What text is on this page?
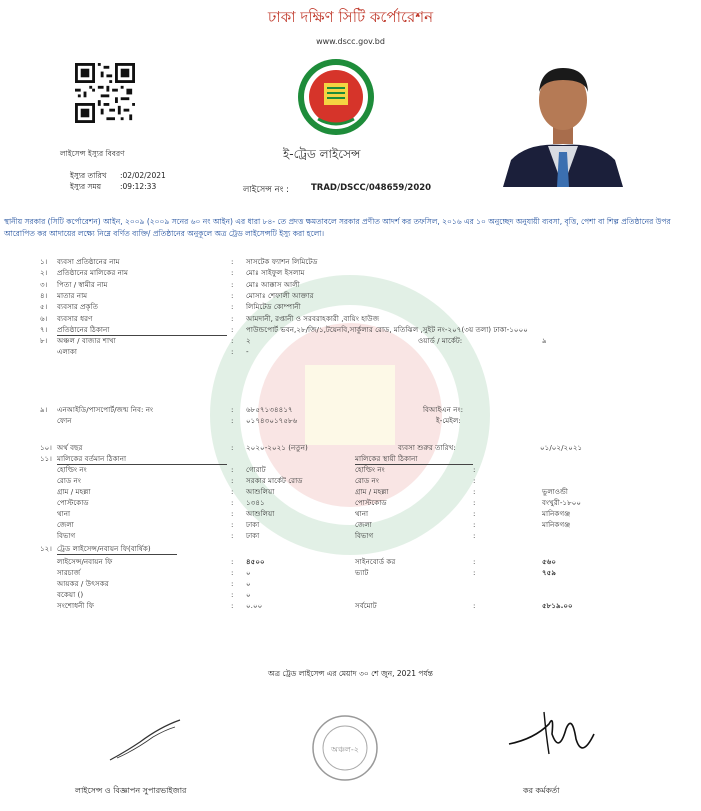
ঢাকা দক্ষিণ সিটি কর্পোরেশন
www.dscc.gov.bd
ই-ট্রেড লাইসেন্স
লাইসেন্স ইস্যুর বিবরণ
ইস্যুর তারিখ :02/02/2021
ইস্যুর সময়	:09:12:33	লাইসেন্স নং :	TRAD/DSCC/048659/2020
স্থানীয় সরকার (সিটি কর্পোরেশন) আইন, ২০০৯ (২০০৯ সনের ৬০ নং আইন) এর ধারা ৮৪- তে প্রদত্ত ক্ষমতাবলে সরকার প্রণীত আদর্শ কর তফসিল, ২০১৬ এর ১০ অনুচ্ছেদ অনুযায়ী ব্যবসা, বৃত্তি, পেশা বা শিল্প প্রতিষ্ঠানের উপর আরোপিত কর আদায়ের লক্ষ্যে নিম্নে বর্ণিত ব্যক্তি/ প্রতিষ্ঠানের অনুকূলে অত্র ট্রেড লাইসেন্সটি ইস্যু করা হলো।
১। ব্যবসা প্রতিষ্ঠানের নাম	: সাসটেক ফ্যাশন লিমিটেড
২। প্রতিষ্ঠানের মালিকের নাম	: মোঃ সাইফুল ইসলাম
৩। পিতা / স্বামীর নাম	: মোঃ আক্কাস আলী
৪। মাতার নাম	: মোসাঃ শেফালী আক্তার
৫। ব্যবসার প্রকৃতি	: লিমিটেড কোম্পানী
৬। ব্যবসার ধরণ	: আমদানী, রপ্তানী ও সরবরাহকারী ,বায়িং হাউজ
৭। প্রতিষ্ঠানের ঠিকানা	: পাউন্ডপোর্ট ভবন,২৮/জি/১,টয়েনবি,সার্কুলার রোড, মতিঝিল ,সুইট নং-২০৭(৩য় তলা) ঢাকা-১০০০
৮। অঞ্চল / বাজার শাখা	: ২	ওয়ার্ড / মার্কেট:	৯
এলাকা	: -
৯। এনআইডি/পাসপোর্ট/জন্ম নিব: নং	: ৬৮৫৭১৩৪৪১৭	বিআইএন নং:
ফোন	: ০১৭৪৩০১৭৫৮৬	ই-মেইল:
১০। অর্থ বছর	: ২০২০-২০২১ (নতুন)	ব্যবসা শুরুর তারিখ:	০১/০২/২০২১
১১। মালিকের বর্তমান ঠিকানা	মালিকের স্থায়ী ঠিকানা
হোল্ডিং নং	: গোরাট	হোল্ডিং নং	:
রোড নং	: সরকার মার্কেট রোড	রোড নং	:
গ্রাম / মহল্লা	: আশুলিয়া	গ্রাম / মহল্লা	:	ভুলাওন্ডী
পোস্টকোড	: ১৩৪১	পোস্টকোড	:	বংখুরী-১৮০০
থানা	: আশুলিয়া	থানা	:	মানিকগঞ্জ
জেলা	: ঢাকা	জেলা	:	মানিকগঞ্জ
বিভাগ	: ঢাকা	বিভাগ	:
১২। ট্রেড লাইসেন্স/নবায়ন ফি(বার্ষিক)
লাইসেন্স/নবায়ন ফি	: ৪৫০০	সাইনবোর্ড কর	:	৫৬০
সারচার্জ	: ০	ভ্যাট	:	৭৫৯
আয়কর / উৎসকর	: ০
বকেয়া ()	: ০
সংশোধনী ফি	: ০.০০	সর্বমোট	:	৫৮১৯.০০
অত্র ট্রেড লাইসেন্স এর মেয়াদ ৩০ শে জুন, 2021 পর্যন্ত
অঞ্চল-২
লাইসেন্স ও বিজ্ঞাপন সুপারভাইজার	কর কর্মকর্তা
